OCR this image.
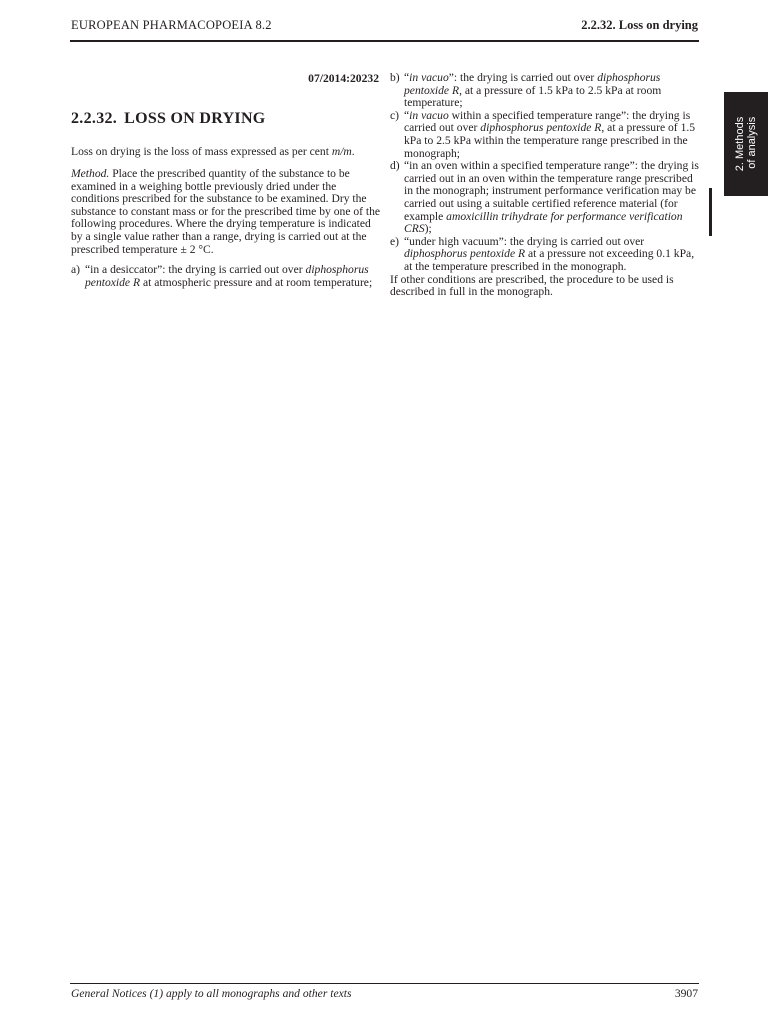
EUROPEAN PHARMACOPOEIA 8.2	2.2.32. Loss on drying
2. Methods of analysis
07/2014:20232
2.2.32. LOSS ON DRYING

Loss on drying is the loss of mass expressed as per cent m/m.

Method. Place the prescribed quantity of the substance to be examined in a weighing bottle previously dried under the conditions prescribed for the substance to be examined. Dry the substance to constant mass or for the prescribed time by one of the following procedures. Where the drying temperature is indicated by a single value rather than a range, drying is carried out at the prescribed temperature ± 2 °C.

a) “in a desiccator”: the drying is carried out over diphosphorus pentoxide R at atmospheric pressure and at room temperature;

b) “in vacuo”: the drying is carried out over diphosphorus pentoxide R, at a pressure of 1.5 kPa to 2.5 kPa at room temperature;

c) “in vacuo within a specified temperature range”: the drying is carried out over diphosphorus pentoxide R, at a pressure of 1.5 kPa to 2.5 kPa within the temperature range prescribed in the monograph;

d) “in an oven within a specified temperature range”: the drying is carried out in an oven within the temperature range prescribed in the monograph; instrument performance verification may be carried out using a suitable certified reference material (for example amoxicillin trihydrate for performance verification CRS);

e) “under high vacuum”: the drying is carried out over diphosphorus pentoxide R at a pressure not exceeding 0.1 kPa, at the temperature prescribed in the monograph.

If other conditions are prescribed, the procedure to be used is described in full in the monograph.

General Notices (1) apply to all monographs and other texts	3907
